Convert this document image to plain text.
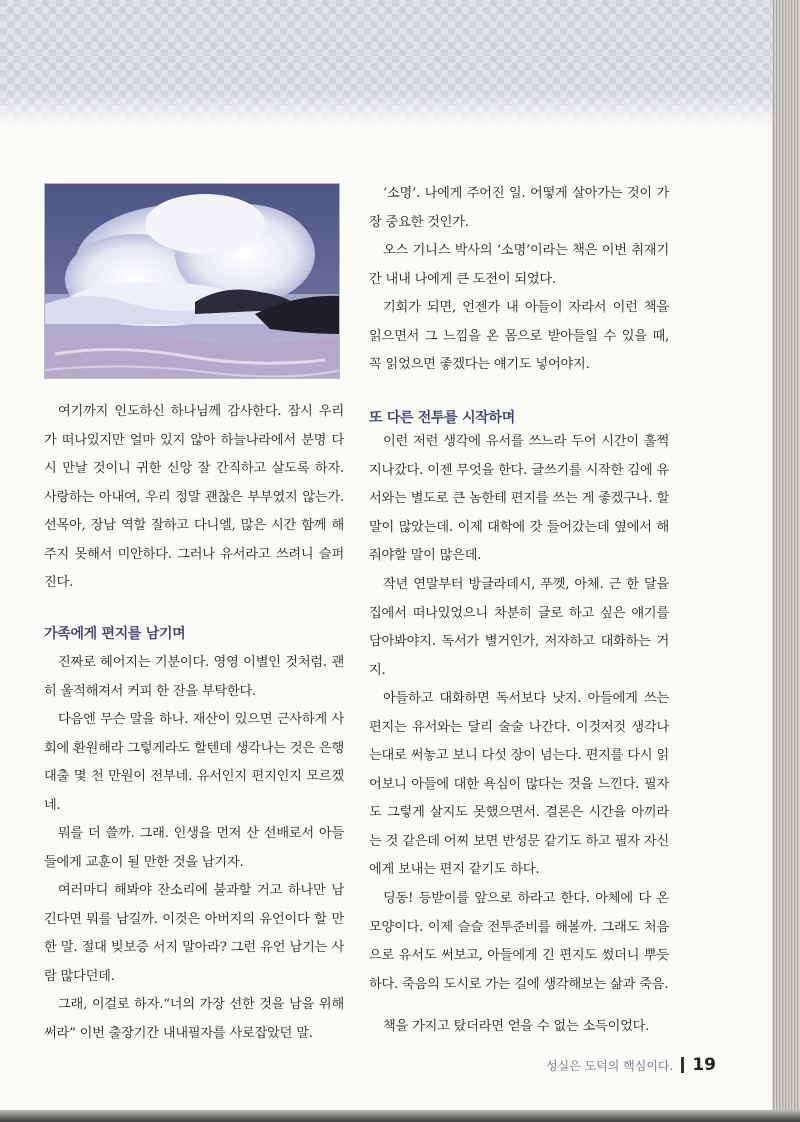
여기까지 인도하신 하나님께 감사한다. 잠시 우리가 떠나있지만 얼마 있지 않아 하늘나라에서 분명 다시 만날 것이니 귀한 신앙 잘 간직하고 살도록 하자. 사랑하는 아내여, 우리 정말 괜찮은 부부였지 않는가. 선목아, 장남 역할 잘하고 다니엘, 많은 시간 함께 해주지 못해서 미안하다. 그러나 유서라고 쓰려니 슬퍼진다.

가족에게 편지를 남기며

진짜로 헤어지는 기분이다. 영영 이별인 것처럼. 괜히 울적해져서 커피 한 잔을 부탁한다.

다음엔 무슨 말을 하나. 재산이 있으면 근사하게 사회에 환원해라 그렇게라도 할텐데 생각나는 것은 은행대출 몇 천 만원이 전부네. 유서인지 편지인지 모르겠네.

뭐를 더 쓸까. 그래. 인생을 먼저 산 선배로서 아들들에게 교훈이 될 만한 것을 남기자.

여러마디 해봐야 잔소리에 불과할 거고 하나만 남긴다면 뭐를 남길까. 이것은 아버지의 유언이다 할 만한 말. 절대 빚보증 서지 말아라? 그런 유언 남기는 사람 많다던데.

그래, 이걸로 하자.“너의 가장 선한 것을 남을 위해 써라” 이번 출장기간 내내필자를 사로잡았던 말.

‘소명’. 나에게 주어진 일. 어떻게 살아가는 것이 가장 중요한 것인가.

오스 기니스 박사의 ‘소명’이라는 책은 이번 취재기간 내내 나에게 큰 도전이 되었다.

기회가 되면, 언젠가 내 아들이 자라서 이런 책을 읽으면서 그 느낌을 온 몸으로 받아들일 수 있을 때, 꼭 읽었으면 좋겠다는 얘기도 넣어야지.

또 다른 전투를 시작하며

이런 저런 생각에 유서를 쓰느라 두어 시간이 훌쩍 지나갔다. 이젠 무엇을 한다. 글쓰기를 시작한 김에 유서와는 별도로 큰 놈한테 편지를 쓰는 게 좋겠구나. 할 말이 많았는데. 이제 대학에 갓 들어갔는데 옆에서 해줘야할 말이 많은데.

작년 연말부터 방글라데시, 푸껫, 아체. 근 한 달을 집에서 떠나있었으니 차분히 글로 하고 싶은 얘기를 담아봐야지. 독서가 별거인가, 저자하고 대화하는 거지.

아들하고 대화하면 독서보다 낫지. 아들에게 쓰는 편지는 유서와는 달리 술술 나간다. 이것저것 생각나는대로 써놓고 보니 다섯 장이 넘는다. 편지를 다시 읽어보니 아들에 대한 욕심이 많다는 것을 느낀다. 필자도 그렇게 살지도 못했으면서. 결론은 시간을 아끼라는 것 같은데 어찌 보면 반성문 같기도 하고 필자 자신에게 보내는 편지 같기도 하다.

딩동! 등받이를 앞으로 하라고 한다. 아체에 다 온 모양이다. 이제 슬슬 전투준비를 해볼까. 그래도 처음으로 유서도 써보고, 아들에게 긴 편지도 썼더니 뿌듯하다. 죽음의 도시로 가는 길에 생각해보는 삶과 죽음.

책을 가지고 탔더라면 얻을 수 없는 소득이었다.

성실은 도덕의 핵심이다. 19
